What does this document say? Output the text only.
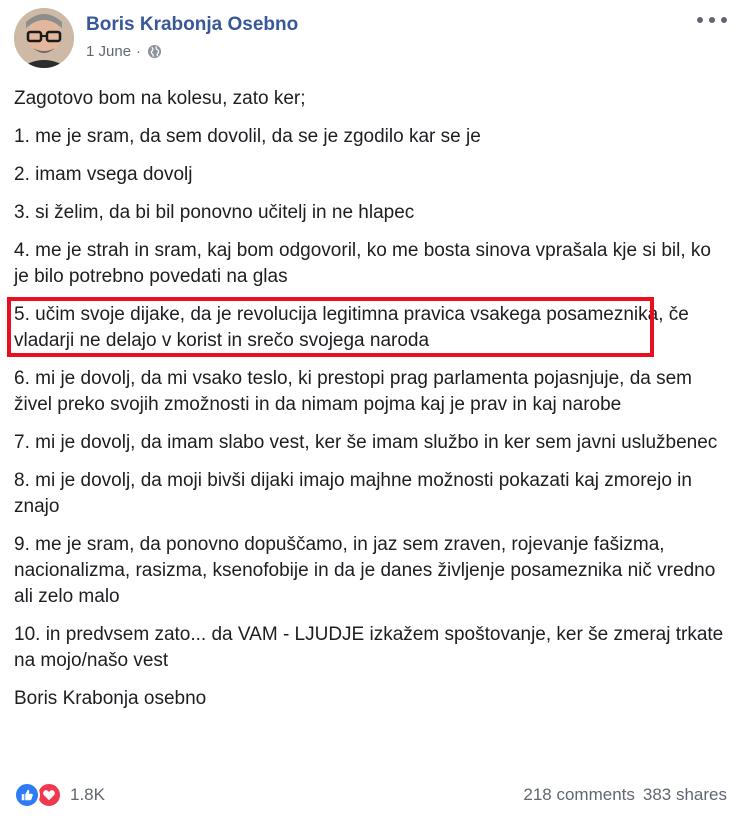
Boris Krabonja Osebno
1 June ·

Zagotovo bom na kolesu, zato ker;

1. me je sram, da sem dovolil, da se je zgodilo kar se je

2. imam vsega dovolj

3. si želim, da bi bil ponovno učitelj in ne hlapec

4. me je strah in sram, kaj bom odgovoril, ko me bosta sinova vprašala kje si bil, ko je bilo potrebno povedati na glas

5. učim svoje dijake, da je revolucija legitimna pravica vsakega posameznika, če vladarji ne delajo v korist in srečo svojega naroda

6. mi je dovolj, da mi vsako teslo, ki prestopi prag parlamenta pojasnjuje, da sem živel preko svojih zmožnosti in da nimam pojma kaj je prav in kaj narobe

7. mi je dovolj, da imam slabo vest, ker še imam službo in ker sem javni uslužbenec

8. mi je dovolj, da moji bivši dijaki imajo majhne možnosti pokazati kaj zmorejo in znajo

9. me je sram, da ponovno dopuščamo, in jaz sem zraven, rojevanje fašizma, nacionalizma, rasizma, ksenofobije in da je danes življenje posameznika nič vredno ali zelo malo

10. in predvsem zato... da VAM - LJUDJE izkažem spoštovanje, ker še zmeraj trkate na mojo/našo vest

Boris Krabonja osebno

1.8K	218 comments 383 shares
